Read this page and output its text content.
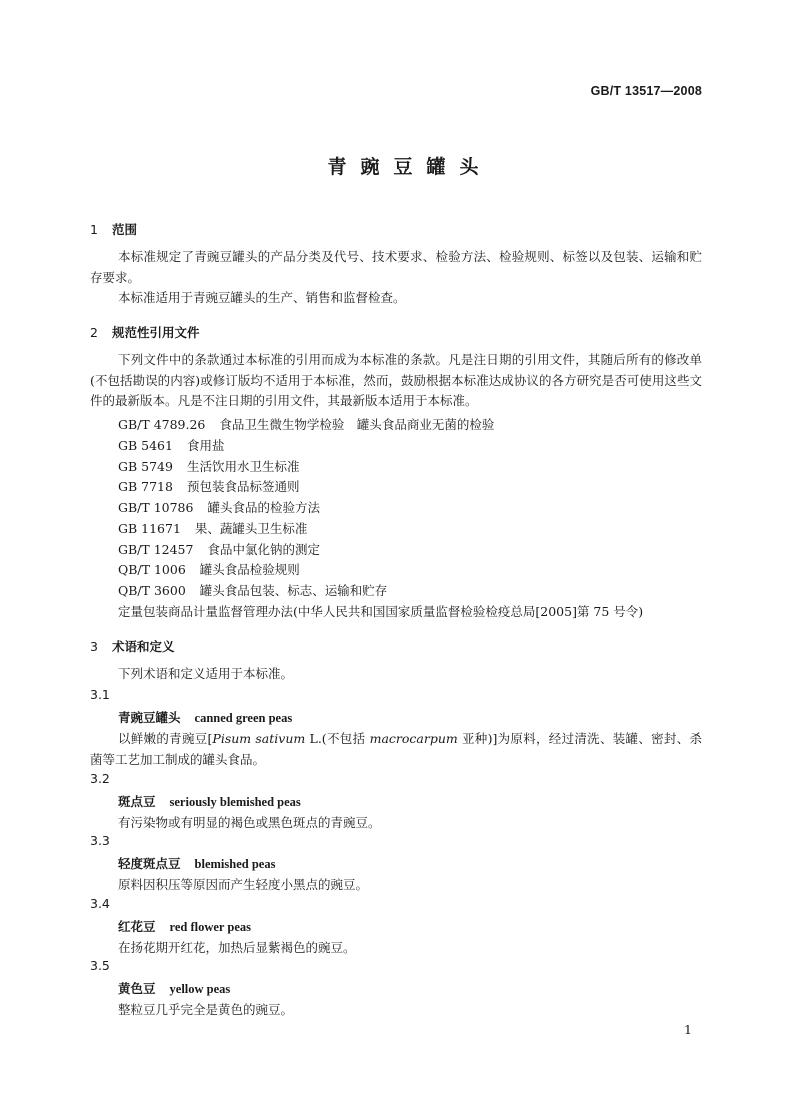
GB/T 13517—2008
青豌豆罐头
1 范围
本标准规定了青豌豆罐头的产品分类及代号、技术要求、检验方法、检验规则、标签以及包装、运输和贮存要求。
本标准适用于青豌豆罐头的生产、销售和监督检查。
2 规范性引用文件
下列文件中的条款通过本标准的引用而成为本标准的条款。凡是注日期的引用文件，其随后所有的修改单(不包括勘误的内容)或修订版均不适用于本标准，然而，鼓励根据本标准达成协议的各方研究是否可使用这些文件的最新版本。凡是不注日期的引用文件，其最新版本适用于本标准。
GB/T 4789.26 食品卫生微生物学检验　罐头食品商业无菌的检验
GB 5461 食用盐
GB 5749 生活饮用水卫生标准
GB 7718 预包装食品标签通则
GB/T 10786 罐头食品的检验方法
GB 11671 果、蔬罐头卫生标准
GB/T 12457 食品中氯化钠的测定
QB/T 1006 罐头食品检验规则
QB/T 3600 罐头食品包装、标志、运输和贮存
定量包装商品计量监督管理办法(中华人民共和国国家质量监督检验检疫总局[2005]第 75 号令)
3 术语和定义
下列术语和定义适用于本标准。
3.1
青豌豆罐头 canned green peas
以鲜嫩的青豌豆[Pisum sativum L.(不包括 macrocarpum 亚种)]为原料，经过清洗、装罐、密封、杀菌等工艺加工制成的罐头食品。
3.2
斑点豆 seriously blemished peas
有污染物或有明显的褐色或黑色斑点的青豌豆。
3.3
轻度斑点豆 blemished peas
原料因积压等原因而产生轻度小黑点的豌豆。
3.4
红花豆 red flower peas
在扬花期开红花，加热后显紫褐色的豌豆。
3.5
黄色豆 yellow peas
整粒豆几乎完全是黄色的豌豆。
1
